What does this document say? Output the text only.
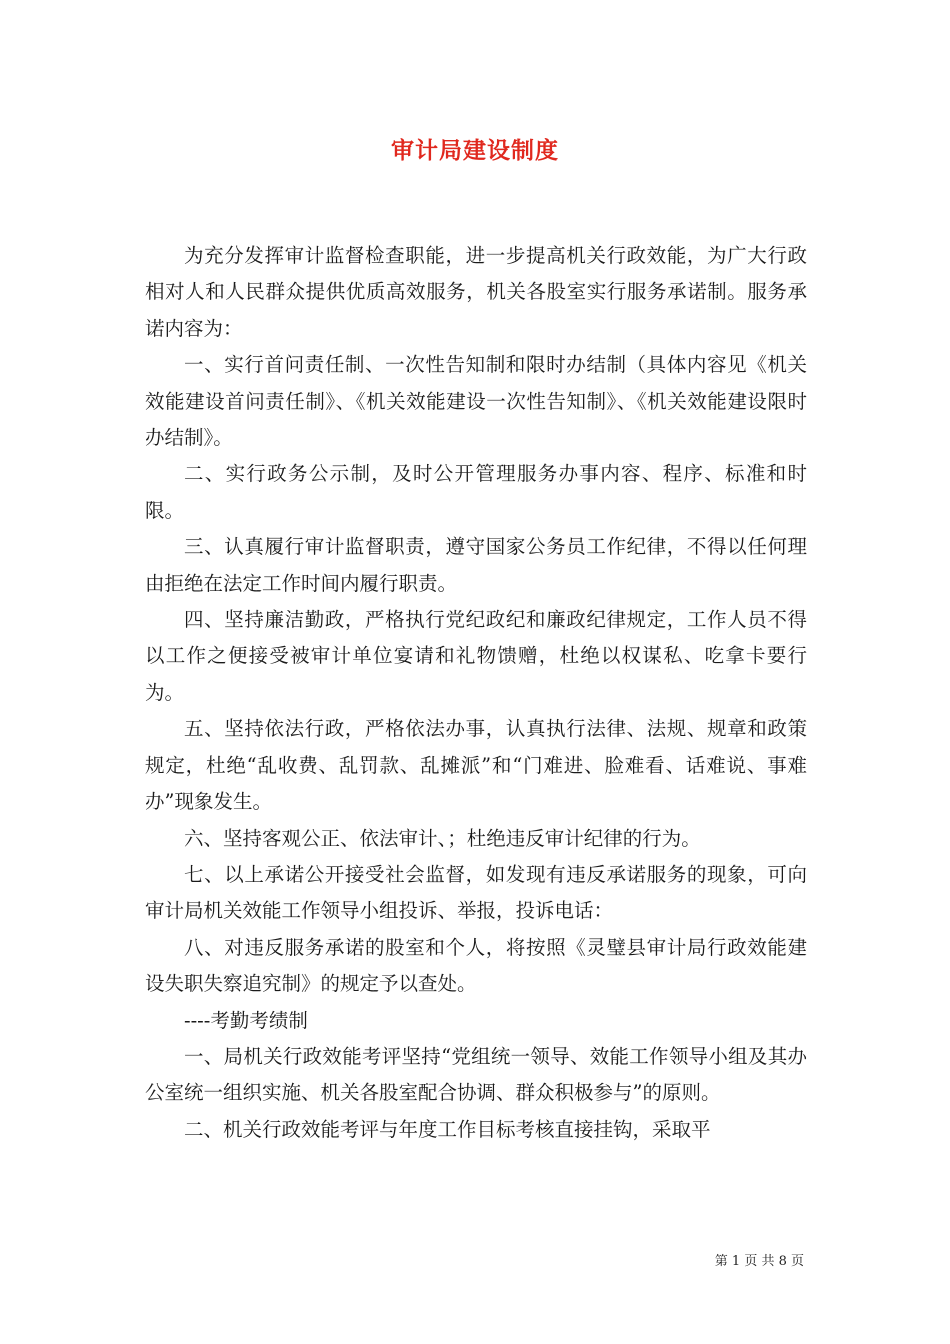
审计局建设制度

为充分发挥审计监督检查职能，进一步提高机关行政效能，为广大行政相对人和人民群众提供优质高效服务，机关各股室实行服务承诺制。服务承诺内容为：

一、实行首问责任制、一次性告知制和限时办结制（具体内容见《机关效能建设首问责任制》、《机关效能建设一次性告知制》、《机关效能建设限时办结制》。

二、实行政务公示制，及时公开管理服务办事内容、程序、标准和时限。

三、认真履行审计监督职责，遵守国家公务员工作纪律，不得以任何理由拒绝在法定工作时间内履行职责。

四、坚持廉洁勤政，严格执行党纪政纪和廉政纪律规定，工作人员不得以工作之便接受被审计单位宴请和礼物馈赠，杜绝以权谋私、吃拿卡要行为。

五、坚持依法行政，严格依法办事，认真执行法律、法规、规章和政策规定，杜绝“乱收费、乱罚款、乱摊派”和“门难进、脸难看、话难说、事难办”现象发生。

六、坚持客观公正、依法审计、；杜绝违反审计纪律的行为。

七、以上承诺公开接受社会监督，如发现有违反承诺服务的现象，可向审计局机关效能工作领导小组投诉、举报，投诉电话：

八、对违反服务承诺的股室和个人，将按照《灵璧县审计局行政效能建设失职失察追究制》的规定予以查处。

----考勤考绩制

一、局机关行政效能考评坚持“党组统一领导、效能工作领导小组及其办公室统一组织实施、机关各股室配合协调、群众积极参与”的原则。

二、机关行政效能考评与年度工作目标考核直接挂钩，采取平

第 1 页 共 8 页
